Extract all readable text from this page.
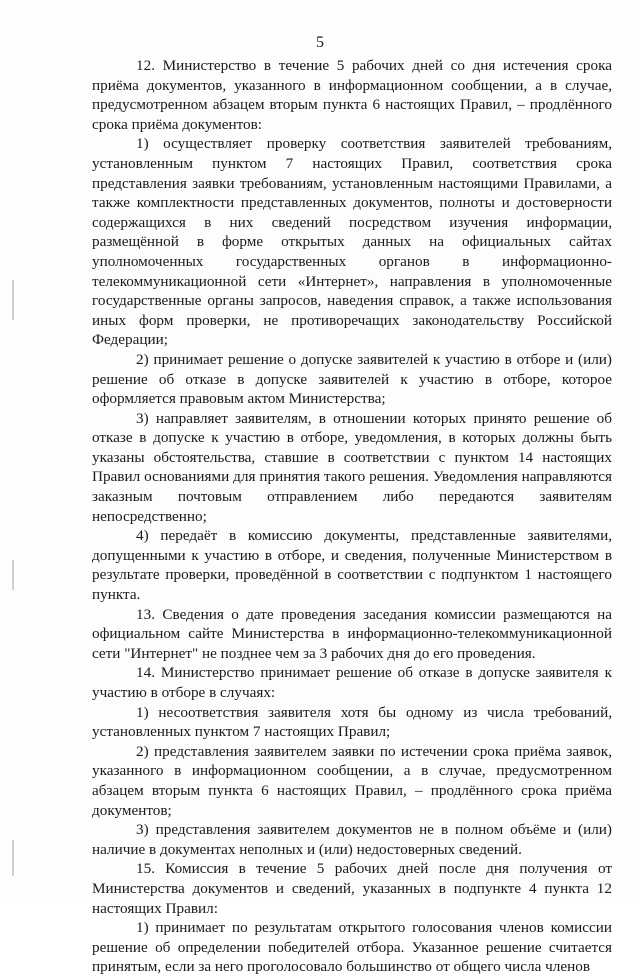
5

12. Министерство в течение 5 рабочих дней со дня истечения срока приёма документов, указанного в информационном сообщении, а в случае, предусмотренном абзацем вторым пункта 6 настоящих Правил, – продлённого срока приёма документов:

1) осуществляет проверку соответствия заявителей требованиям, установленным пунктом 7 настоящих Правил, соответствия срока представления заявки требованиям, установленным настоящими Правилами, а также комплектности представленных документов, полноты и достоверности содержащихся в них сведений посредством изучения информации, размещённой в форме открытых данных на официальных сайтах уполномоченных государственных органов в информационно-телекоммуникационной сети «Интернет», направления в уполномоченные государственные органы запросов, наведения справок, а также использования иных форм проверки, не противоречащих законодательству Российской Федерации;

2) принимает решение о допуске заявителей к участию в отборе и (или) решение об отказе в допуске заявителей к участию в отборе, которое оформляется правовым актом Министерства;

3) направляет заявителям, в отношении которых принято решение об отказе в допуске к участию в отборе, уведомления, в которых должны быть указаны обстоятельства, ставшие в соответствии с пунктом 14 настоящих Правил основаниями для принятия такого решения. Уведомления направляются заказным почтовым отправлением либо передаются заявителям непосредственно;

4) передаёт в комиссию документы, представленные заявителями, допущенными к участию в отборе, и сведения, полученные Министерством в результате проверки, проведённой в соответствии с подпунктом 1 настоящего пункта.

13. Сведения о дате проведения заседания комиссии размещаются на официальном сайте Министерства в информационно-телекоммуникационной сети "Интернет" не позднее чем за 3 рабочих дня до его проведения.

14. Министерство принимает решение об отказе в допуске заявителя к участию в отборе в случаях:

1) несоответствия заявителя хотя бы одному из числа требований, установленных пунктом 7 настоящих Правил;

2) представления заявителем заявки по истечении срока приёма заявок, указанного в информационном сообщении, а в случае, предусмотренном абзацем вторым пункта 6 настоящих Правил, – продлённого срока приёма документов;

3) представления заявителем документов не в полном объёме и (или) наличие в документах неполных и (или) недостоверных сведений.

15. Комиссия в течение 5 рабочих дней после дня получения от Министерства документов и сведений, указанных в подпункте 4 пункта 12 настоящих Правил:

1) принимает по результатам открытого голосования членов комиссии решение об определении победителей отбора. Указанное решение считается принятым, если за него проголосовало большинство от общего числа членов
